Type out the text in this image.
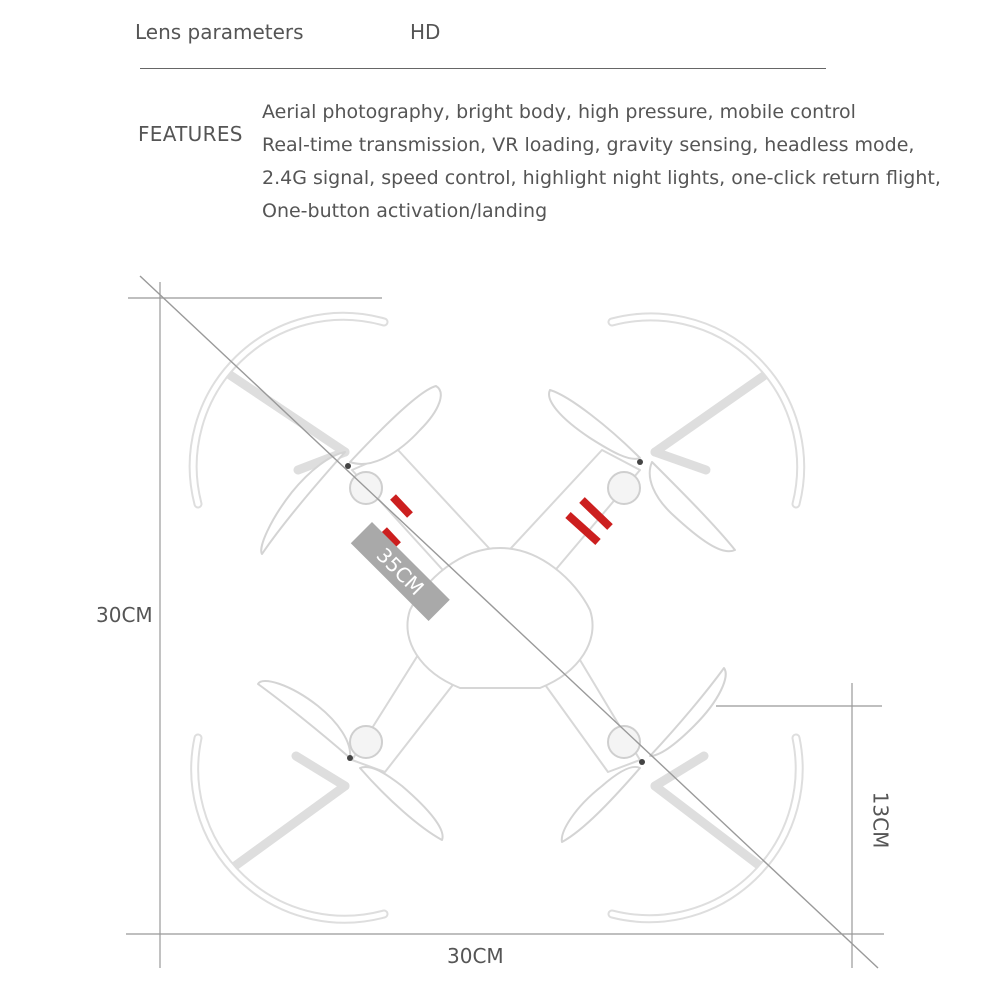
Lens parameters	HD
FEATURES
Aerial photography, bright body, high pressure, mobile control
Real-time transmission, VR loading, gravity sensing, headless mode,
2.4G signal, speed control, highlight night lights, one-click return flight,
One-button activation/landing
35CM
30CM
30CM
13CM
